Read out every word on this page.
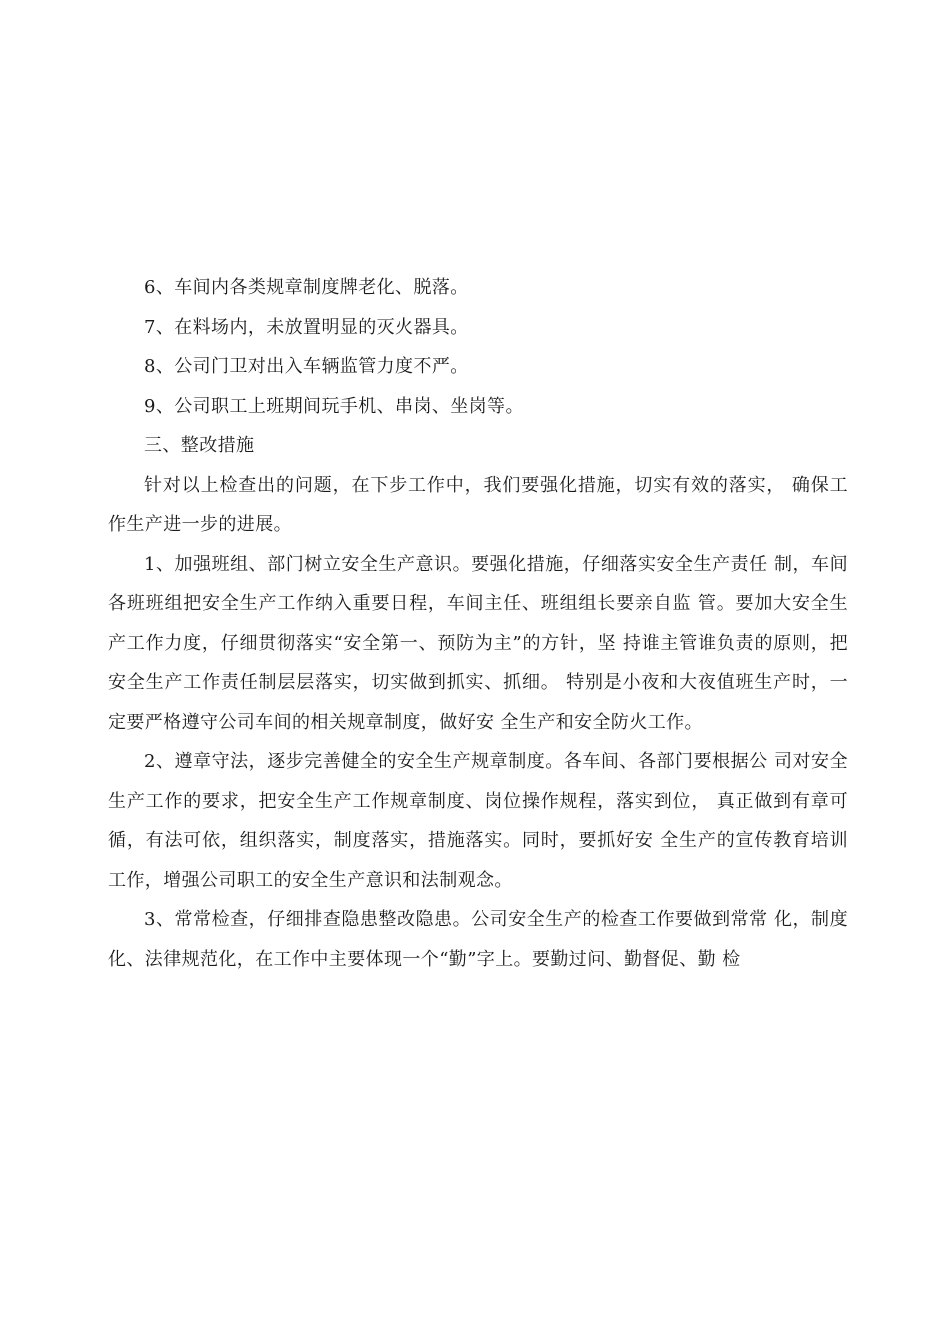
6、车间内各类规章制度牌老化、脱落。

7、在料场内，未放置明显的灭火器具。

8、公司门卫对出入车辆监管力度不严。

9、公司职工上班期间玩手机、串岗、坐岗等。

三、整改措施

针对以上检查出的问题，在下步工作中，我们要强化措施，切实有效的落实， 确保工作生产进一步的进展。

1、加强班组、部门树立安全生产意识。要强化措施，仔细落实安全生产责任 制，车间各班班组把安全生产工作纳入重要日程，车间主任、班组组长要亲自监 管。要加大安全生产工作力度，仔细贯彻落实“安全第一、预防为主”的方针，坚 持谁主管谁负责的原则，把安全生产工作责任制层层落实，切实做到抓实、抓细。 特别是小夜和大夜值班生产时，一定要严格遵守公司车间的相关规章制度，做好安 全生产和安全防火工作。

2、遵章守法，逐步完善健全的安全生产规章制度。各车间、各部门要根据公 司对安全生产工作的要求，把安全生产工作规章制度、岗位操作规程，落实到位， 真正做到有章可循，有法可依，组织落实，制度落实，措施落实。同时，要抓好安 全生产的宣传教育培训工作，增强公司职工的安全生产意识和法制观念。

3、常常检查，仔细排查隐患整改隐患。公司安全生产的检查工作要做到常常 化，制度化、法律规范化，在工作中主要体现一个“勤”字上。要勤过问、勤督促、勤 检
